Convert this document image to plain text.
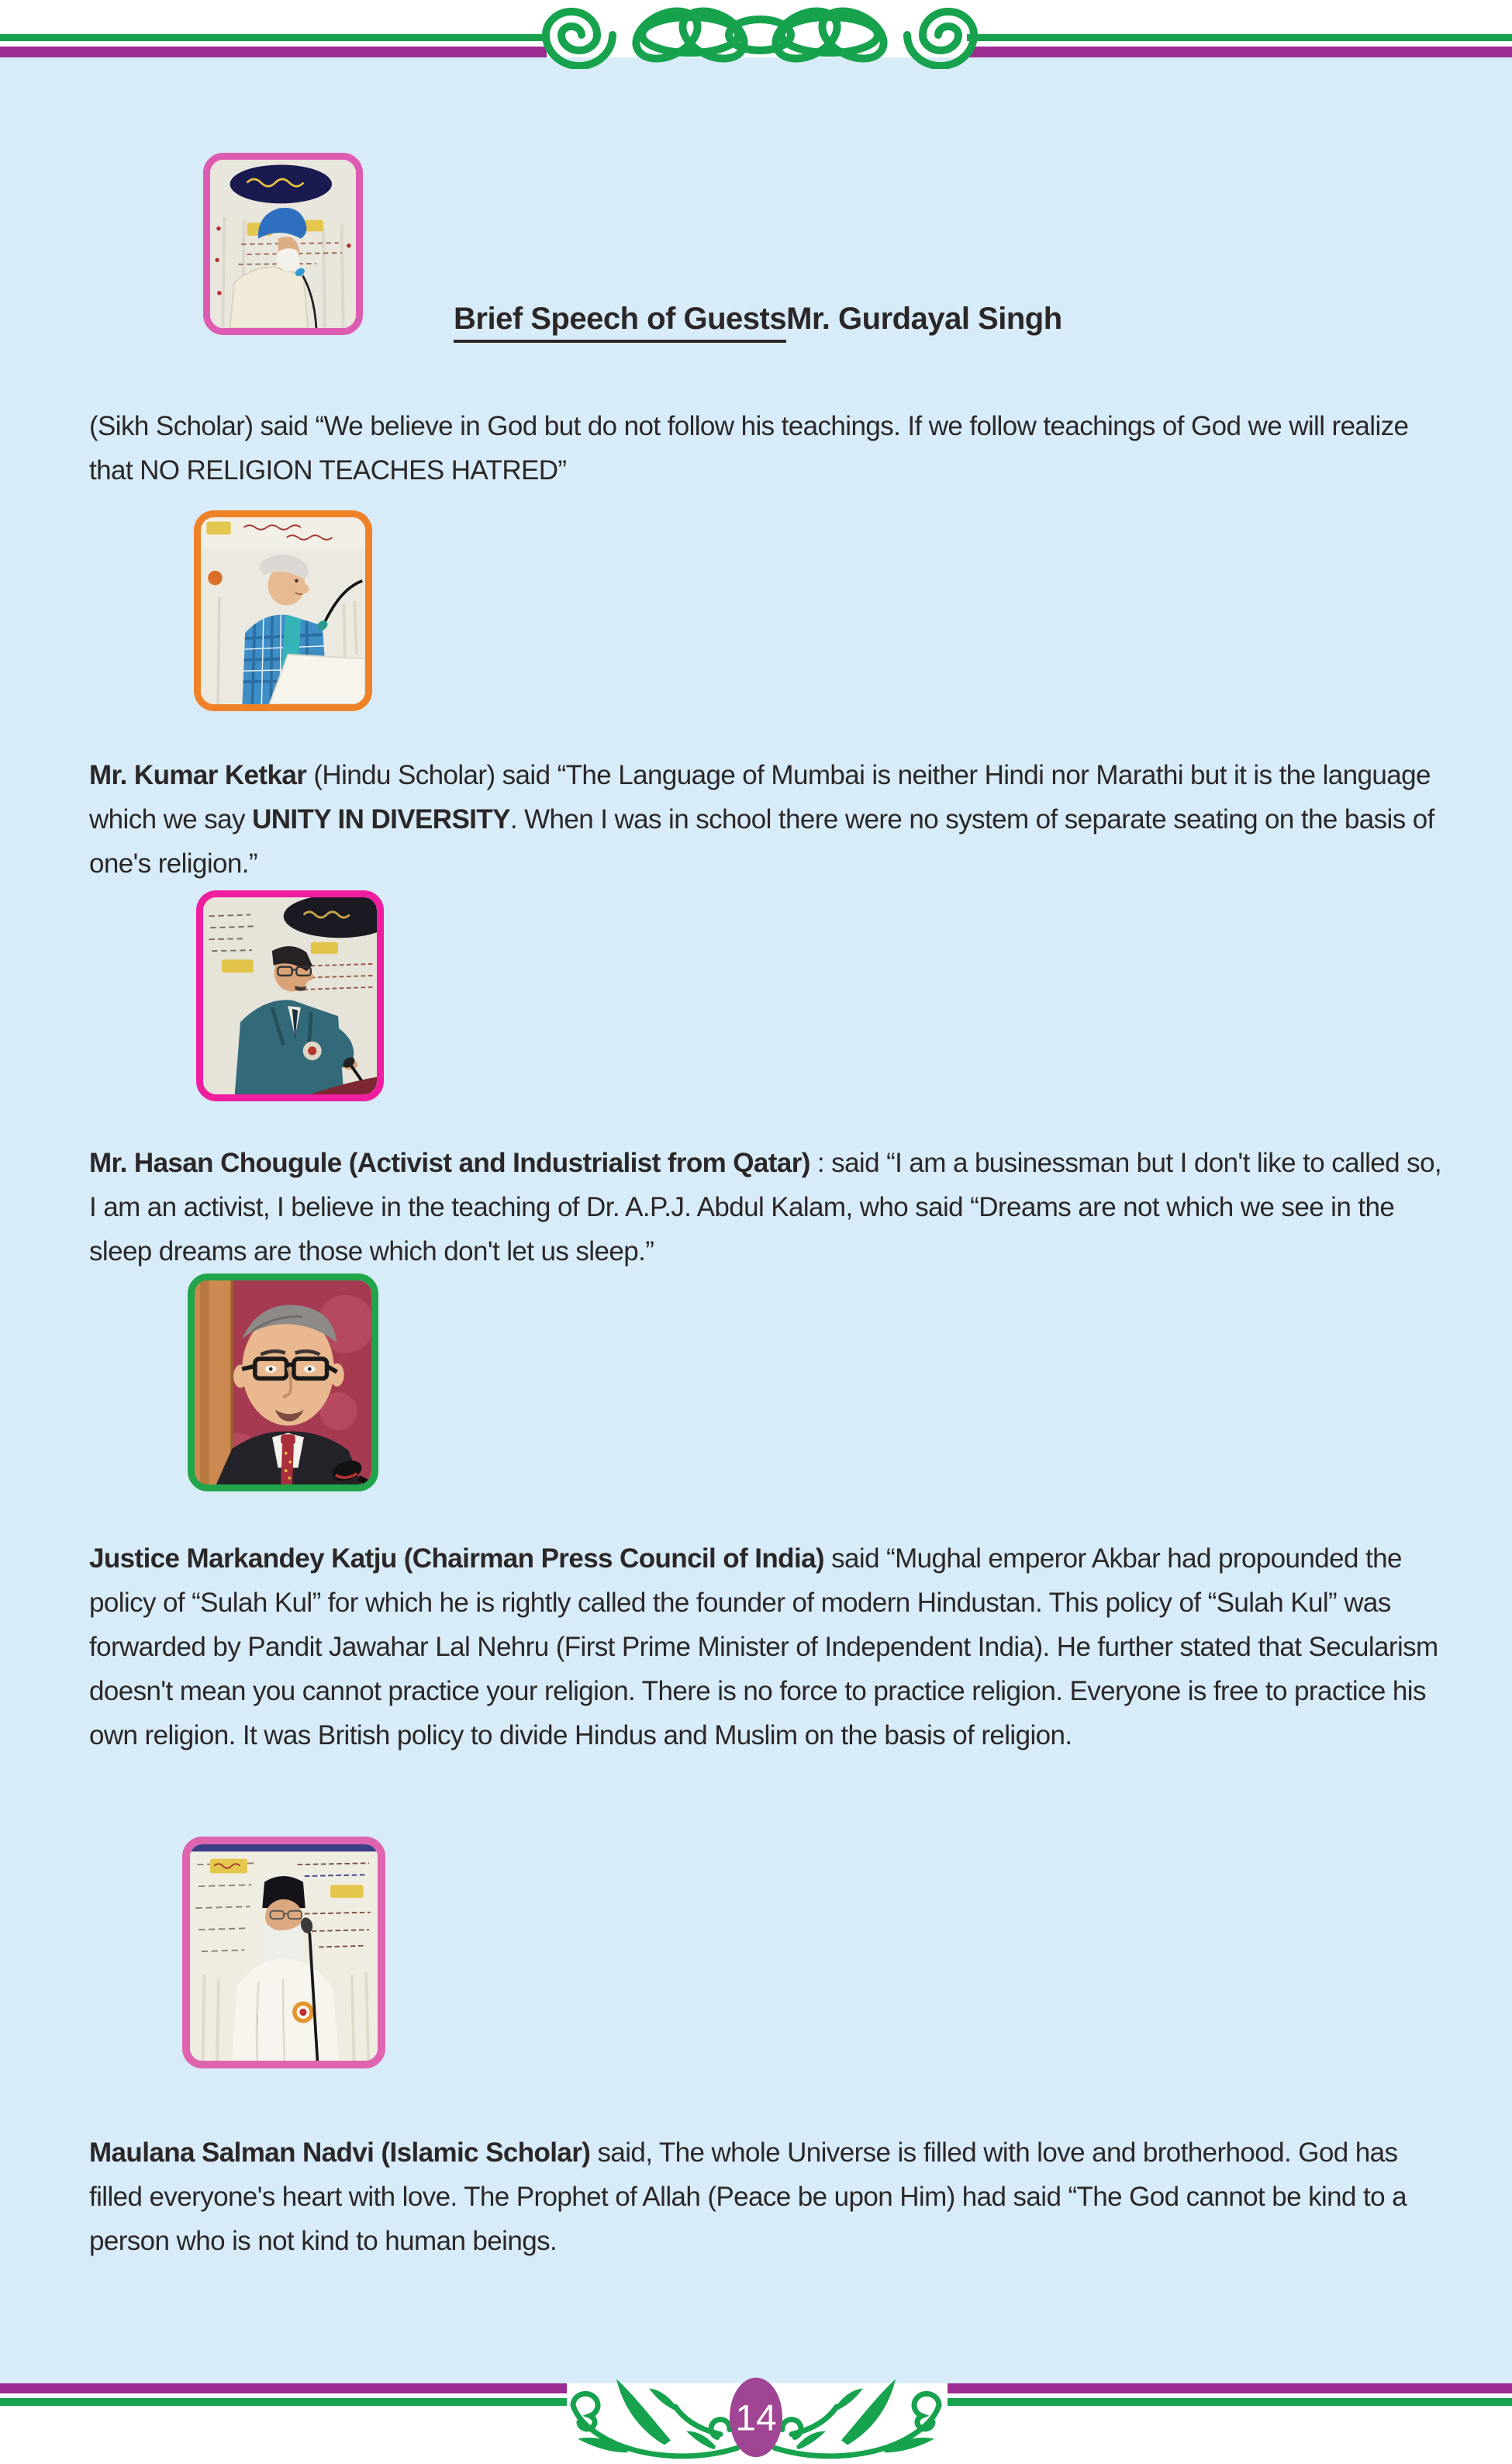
Brief Speech of GuestsMr. Gurdayal Singh

(Sikh Scholar) said “We believe in God but do not follow his teachings. If we follow teachings of God we will realize that NO RELIGION TEACHES HATRED”

Mr. Kumar Ketkar (Hindu Scholar) said “The Language of Mumbai is neither Hindi nor Marathi but it is the language which we say UNITY IN DIVERSITY. When I was in school there were no system of separate seating on the basis of one's religion.”

Mr. Hasan Chougule (Activist and Industrialist from Qatar) : said “I am a businessman but I don't like to called so, I am an activist, I believe in the teaching of Dr. A.P.J. Abdul Kalam, who said “Dreams are not which we see in the sleep dreams are those which don't let us sleep.”

Justice Markandey Katju (Chairman Press Council of India) said “Mughal emperor Akbar had propounded the policy of “Sulah Kul” for which he is rightly called the founder of modern Hindustan. This policy of “Sulah Kul” was forwarded by Pandit Jawahar Lal Nehru (First Prime Minister of Independent India). He further stated that Secularism doesn't mean you cannot practice your religion. There is no force to practice religion. Everyone is free to practice his own religion. It was British policy to divide Hindus and Muslim on the basis of religion.

Maulana Salman Nadvi (Islamic Scholar) said, The whole Universe is filled with love and brotherhood. God has filled everyone's heart with love. The Prophet of Allah (Peace be upon Him) had said “The God cannot be kind to a person who is not kind to human beings.

14
